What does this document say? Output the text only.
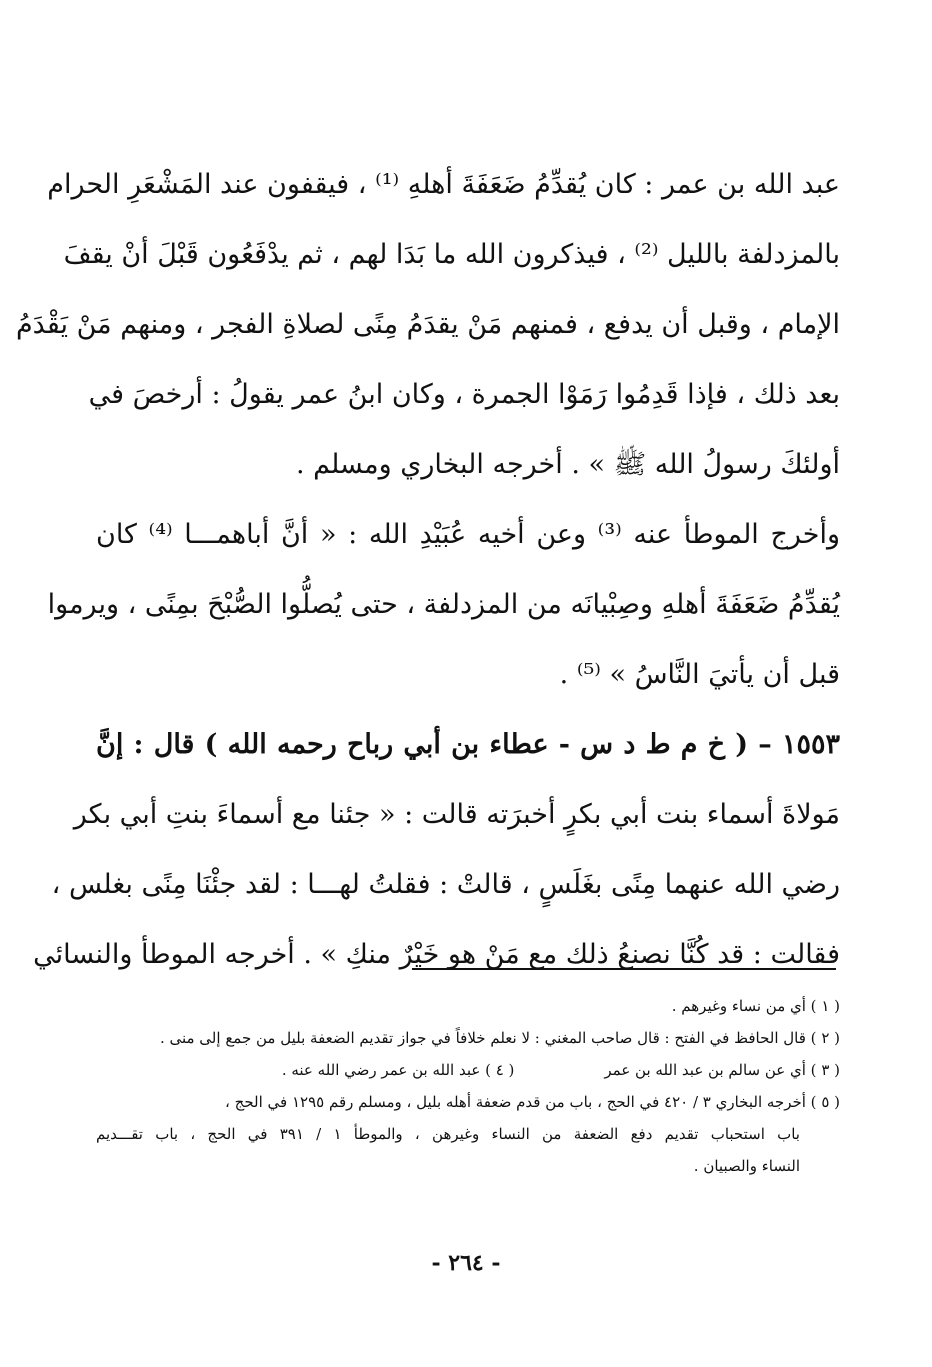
عبد الله بن عمر : كان يُقدِّمُ ضَعَفَةَ أهلهِ ⁽¹⁾ ، فيقفون عند المَشْعَرِ الحرام
بالمزدلفة بالليل ⁽²⁾ ، فيذكرون الله ما بَدَا لهم ، ثم يدْفَعُون قَبْلَ أنْ يقفَ
الإمام ، وقبل أن يدفع ، فمنهم مَنْ يقدَمُ مِنًى لصلاةِ الفجر ، ومنهم مَنْ يَقْدَمُ
بعد ذلك ، فإذا قَدِمُوا رَمَوْا الجمرة ، وكان ابنُ عمر يقولُ : أرخصَ في
أولئكَ رسولُ الله ﷺ » . أخرجه البخاري ومسلم .
وأخرج الموطأ عنه ⁽³⁾ وعن أخيه عُبَيْدِ الله : « أنَّ أباهمـــا ⁽⁴⁾ كان
يُقدِّمُ ضَعَفَةَ أهلهِ وصِبْيانَه من المزدلفة ، حتى يُصلُّوا الصُّبْحَ بمِنًى ، ويرموا
قبل أن يأتيَ النَّاسُ » ⁽⁵⁾ .
١٥٥٣ – ( خ م ط د س - عطاء بن أبي رباح رحمه الله ) قال : إنَّ
مَولاةَ أسماء بنت أبي بكرٍ أخبرَته قالت : « جئنا مع أسماءَ بنتِ أبي بكر
رضي الله عنهما مِنًى بغَلَسٍ ، قالتْ : فقلتُ لهـــا : لقد جئْنَا مِنًى بغلس ،
فقالت : قد كُنَّا نصنعُ ذلك مع مَنْ هو خَيْرٌ منكِ » . أخرجه الموطأ والنسائي
( ١ ) أي من نساء وغيرهم .
( ٢ ) قال الحافظ في الفتح : قال صاحب المغني : لا نعلم خلافاً في جواز تقديم الضعفة بليل من جمع إلى منى .
( ٣ ) أي عن سالم بن عبد الله بن عمر
( ٤ ) عبد الله بن عمر رضي الله عنه .
( ٥ ) أخرجه البخاري ٣ / ٤٢٠ في الحج ، باب من قدم ضعفة أهله بليل ، ومسلم رقم ١٢٩٥ في الحج ،
باب استحباب تقديم دفع الضعفة من النساء وغيرهن ، والموطأ ١ / ٣٩١ في الحج ، باب تقـــديم
النساء والصبيان .
- ٢٦٤ -
